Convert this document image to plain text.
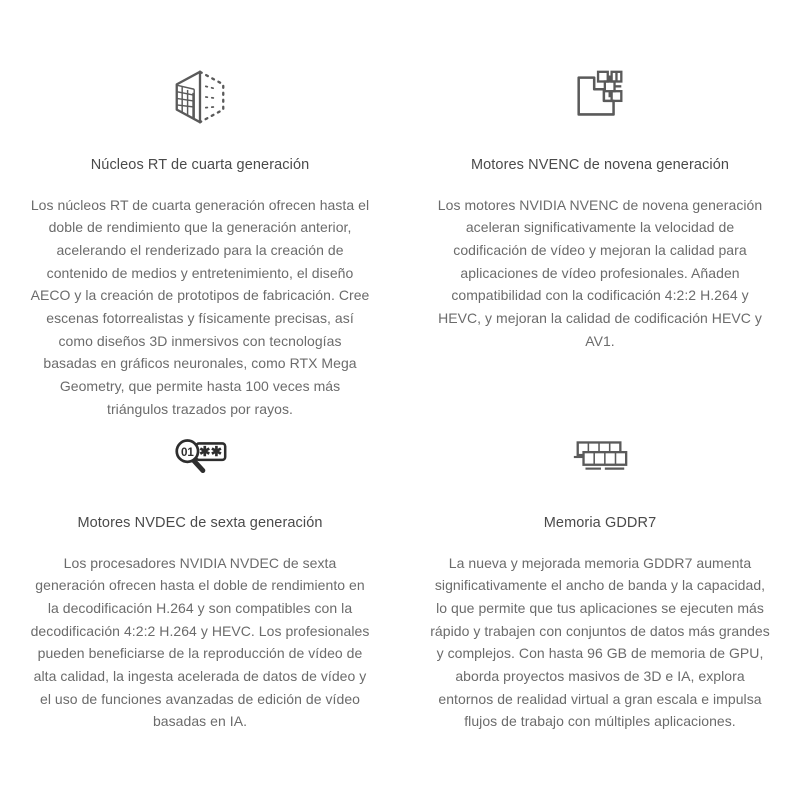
Núcleos RT de cuarta generación

Los núcleos RT de cuarta generación ofrecen hasta el doble de rendimiento que la generación anterior, acelerando el renderizado para la creación de contenido de medios y entretenimiento, el diseño AECO y la creación de prototipos de fabricación. Cree escenas fotorrealistas y físicamente precisas, así como diseños 3D inmersivos con tecnologías basadas en gráficos neuronales, como RTX Mega Geometry, que permite hasta 100 veces más triángulos trazados por rayos.

Motores NVENC de novena generación

Los motores NVIDIA NVENC de novena generación aceleran significativamente la velocidad de codificación de vídeo y mejoran la calidad para aplicaciones de vídeo profesionales. Añaden compatibilidad con la codificación 4:2:2 H.264 y HEVC, y mejoran la calidad de codificación HEVC y AV1.

✱ ✱
01
Motores NVDEC de sexta generación

Los procesadores NVIDIA NVDEC de sexta generación ofrecen hasta el doble de rendimiento en la decodificación H.264 y son compatibles con la decodificación 4:2:2 H.264 y HEVC. Los profesionales pueden beneficiarse de la reproducción de vídeo de alta calidad, la ingesta acelerada de datos de vídeo y el uso de funciones avanzadas de edición de vídeo basadas en IA.

Memoria GDDR7

La nueva y mejorada memoria GDDR7 aumenta significativamente el ancho de banda y la capacidad, lo que permite que tus aplicaciones se ejecuten más rápido y trabajen con conjuntos de datos más grandes y complejos. Con hasta 96 GB de memoria de GPU, aborda proyectos masivos de 3D e IA, explora entornos de realidad virtual a gran escala e impulsa flujos de trabajo con múltiples aplicaciones.
